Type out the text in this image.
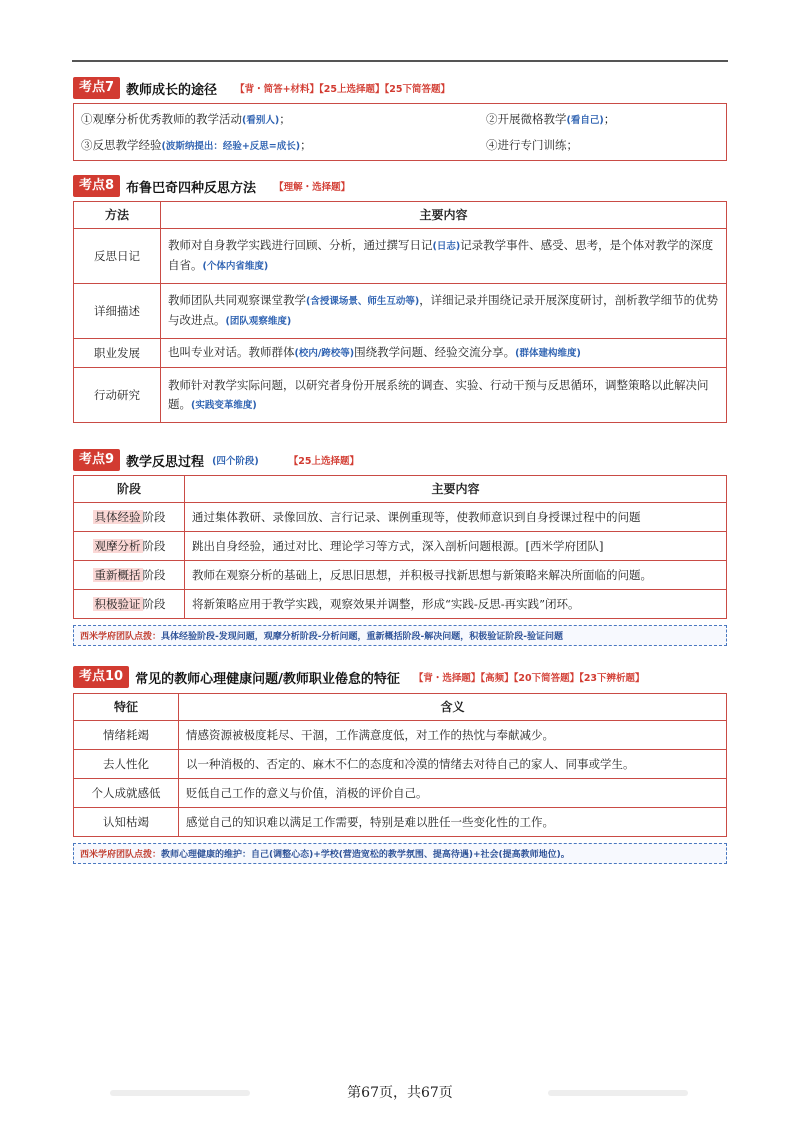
考点7 教师成长的途径 【背・简答+材料】【25上选择题】【25下简答题】
①观摩分析优秀教师的教学活动(看别人)；	②开展微格教学(看自己)；
③反思教学经验(波斯纳提出：经验+反思=成长)；	④进行专门训练；
考点8 布鲁巴奇四种反思方法 【理解・选择题】
方法	主要内容
反思日记	教师对自身教学实践进行回顾、分析，通过撰写日记(日志)记录教学事件、感受、思考，是个体对教学的深度自省。(个体内省维度)
详细描述	教师团队共同观察课堂教学(含授课场景、师生互动等)，详细记录并围绕记录开展深度研讨，剖析教学细节的优势与改进点。(团队观察维度)
职业发展	也叫专业对话。教师群体(校内/跨校等)围绕教学问题、经验交流分享。(群体建构维度)
行动研究	教师针对教学实际问题，以研究者身份开展系统的调查、实验、行动干预与反思循环，调整策略以此解决问题。(实践变革维度)
考点9 教学反思过程 (四个阶段)	【25上选择题】
阶段	主要内容
具体经验 阶段	通过集体教研、录像回放、言行记录、课例重现等，使教师意识到自身授课过程中的问题
观摩分析 阶段	跳出自身经验，通过对比、理论学习等方式，深入剖析问题根源。[西米学府团队]
重新概括 阶段	教师在观察分析的基础上，反思旧思想，并积极寻找新思想与新策略来解决所面临的问题。
积极验证 阶段	将新策略应用于教学实践，观察效果并调整，形成“实践-反思-再实践”闭环。
西米学府团队点拨：具体经验阶段-发现问题，观摩分析阶段-分析问题，重新概括阶段-解决问题，积极验证阶段-验证问题
考点10 常见的教师心理健康问题/教师职业倦怠的特征 【背・选择题】【高频】【20下简答题】【23下辨析题】
特征	含义
情绪耗竭	情感资源被极度耗尽、干涸，工作满意度低，对工作的热忱与奉献减少。
去人性化	以一种消极的、否定的、麻木不仁的态度和冷漠的情绪去对待自己的家人、同事或学生。
个人成就感低	贬低自己工作的意义与价值，消极的评价自己。
认知枯竭	感觉自己的知识难以满足工作需要，特别是难以胜任一些变化性的工作。
西米学府团队点拨：教师心理健康的维护：自己(调整心态)+学校(营造宽松的教学氛围、提高待遇)+社会(提高教师地位)。
第67页，共67页
